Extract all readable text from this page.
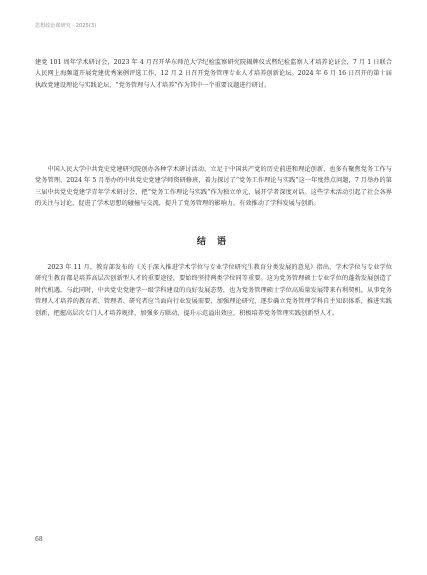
思想政治课研究 · 2025(3)

建党 101 周年学术研讨会，2023 年 4 月召开华东师范大学纪检监察研究院揭牌仪式暨纪检监察人才培养论证会，7 月 1 日联合人民网上海频道开展党建优秀案例评选工作，12 月 2 日召开党务管理专业人才培养创新论坛。2024 年 6 月 16 日召开的第十届执政党建设理论与实践论坛，“党务管理与人才培养”作为其中一个重要议题进行研讨。

中国人民大学中共党史党建研究院创办各种学术研讨活动，立足于中国共产党的历史前进和理论创新，也多有聚焦党务工作与党务管理。2024 年 5 月举办的中共党史党建学师资研修班，着力探讨了“党务工作理论与实践”这一年度热点问题，7 月举办的第三届中共党史党建学青年学术研讨会，把“党务工作理论与实践”作为独立单元，展开学者深度对话。这些学术活动引起了社会各界的关注与讨论，促进了学术思想的碰撞与交流，提升了党务管理的影响力，有效推动了学科发展与创新。

结 语

2023 年 11 月，教育部发布的《关于深入推进学术学位与专业学位研究生教育分类发展的意见》指出，学术学位与专业学位研究生教育都是培养高层次创新型人才的重要途径，要始终坚持两类学位同等重要。这为党务管理硕士专业学位的蓬勃发展创造了时代机遇。与此同时，中共党史党建学一级学科建设的良好发展态势，也为党务管理硕士学位高质量发展带来有利契机。从事党务管理人才培养的教育者、管理者、研究者应当面向行业发展需要，加强理论研究，逐步确立党务管理学科自主知识体系，推进实践创新，把握高层次专门人才培养规律，加强多方联动，提升示范溢出效应，积极培养党务管理实践创新型人才。

68
